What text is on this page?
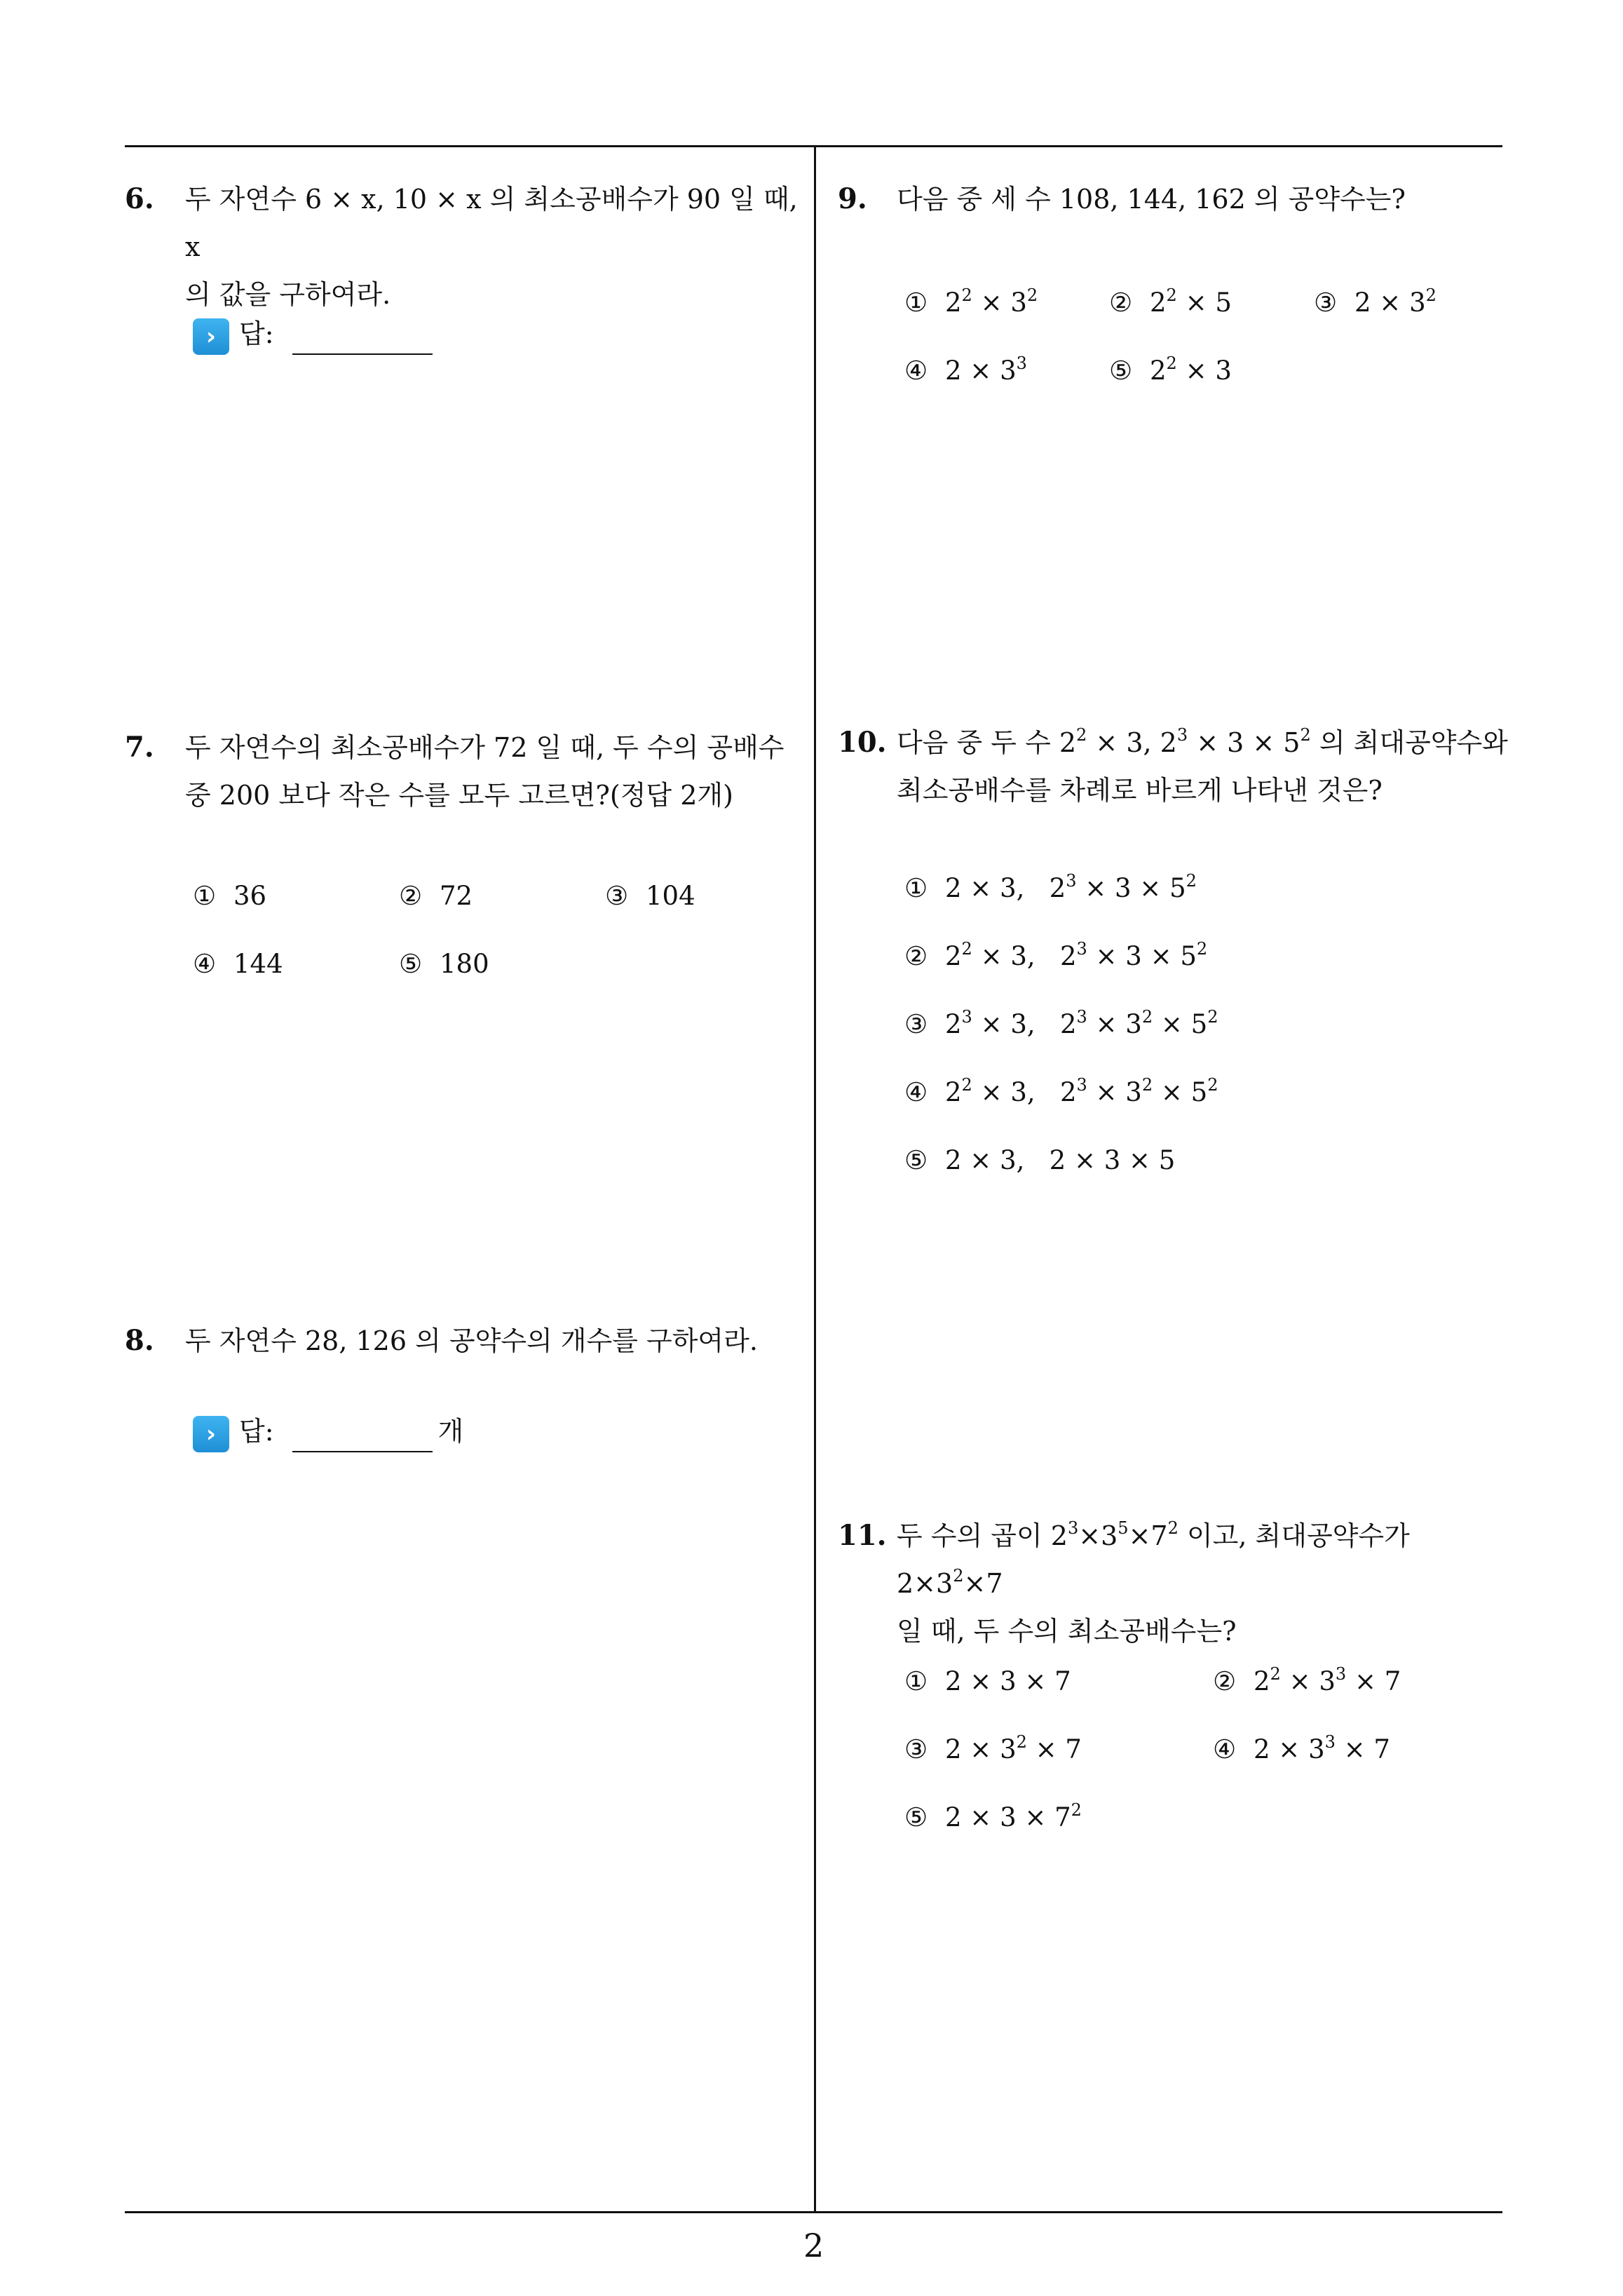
6.	두 자연수 6 × x, 10 × x 의 최소공배수가 90 일 때, x
의 값을 구하여라.
› 답:
7.	두 자연수의 최소공배수가 72 일 때, 두 수의 공배수
중 200 보다 작은 수를 모두 고르면?(정답 2개)
① 36	② 72	③ 104
④ 144	⑤ 180
8.	두 자연수 28, 126 의 공약수의 개수를 구하여라.
› 답:	개
9.	다음 중 세 수 108, 144, 162 의 공약수는?
① $2^2 \times 3^2$	② $2^2 \times 5$	③ $2 \times 3^2$
④ $2 \times 3^3$	⑤ $2^2 \times 3$
10. 다음 중 두 수 $2^2 \times 3$, $2^3 \times 3 \times 5^2$ 의 최대공약수와
최소공배수를 차례로 바르게 나타낸 것은?
① 2 × 3,   $2^3 \times 3 \times 5^2$
② $2^2 \times 3$,   $2^3 \times 3 \times 5^2$
③ $2^3 \times 3$,   $2^3 \times 3^2 \times 5^2$
④ $2^2 \times 3$,   $2^3 \times 3^2 \times 5^2$
⑤ 2 × 3,   2 × 3 × 5
11. 두 수의 곱이 $2^3\times 3^5\times 7^2$ 이고, 최대공약수가 $2\times 3^2\times 7$
일 때, 두 수의 최소공배수는?
① 2 × 3 × 7	② $2^2 \times 3^3 \times 7$
③ $2 \times 3^2 \times 7$	④ $2 \times 3^3 \times 7$
⑤ $2 \times 3 \times 7^2$
2
